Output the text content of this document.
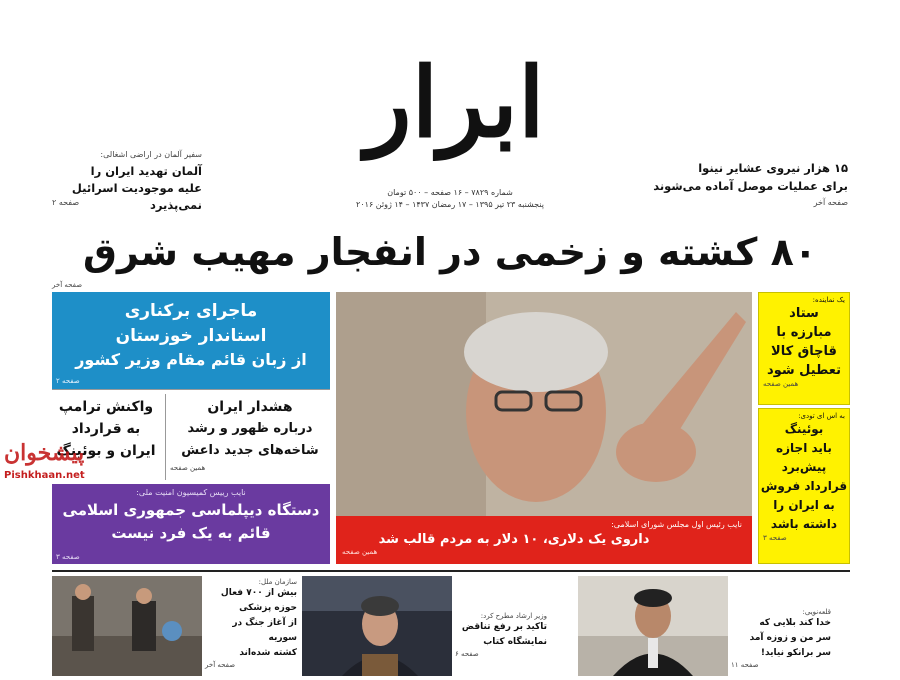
ابرار
شماره ۷۸۲۹ – ۱۶ صفحه – ۵۰۰ تومان
پنجشنبه ۲۳ تیر ۱۳۹۵ – ۱۷ رمضان ۱۴۳۷ – ۱۴ ژوئن ۲۰۱۶
۱۵ هزار نیروی عشایر نینوا
برای عملیات موصل آماده می‌شوند
صفحه آخر
سفیر آلمان در اراضی اشغالی:
آلمان تهدید ایران را
علیه موجودیت اسرائیل نمی‌پذیرد
صفحه ۲
۸۰ کشته و زخمی در انفجار مهیب شرق
صفحه آخر
ماجرای برکناری
استاندار خوزستان
از زبان قائم مقام وزیر کشور
صفحه ۲
واکنش ترامپ
به قرارداد
ایران و بوئینگ
هشدار ایران
درباره ظهور و رشد
شاخه‌های جدید داعش
همین صفحه
پیشخوان
Pishkhaan.net
نایب رییس کمیسیون امنیت ملی:
دستگاه دیپلماسی جمهوری اسلامی
قائم به یک فرد نیست
صفحه ۳
نایب رئیس اول مجلس شورای اسلامی:
داروی یک دلاری، ۱۰ دلار به مردم قالب شد
همین صفحه
یک نماینده:
ستاد
مبارزه با
قاچاق کالا
تعطیل شود
همین صفحه
به اس ای تودی:
بوئینگ
باید اجازه
پیش‌برد
قرارداد فروش
به ایران را
داشته باشد
صفحه ۳
سازمان ملل:
بیش از ۷۰۰ فعال
حوزه پزشکی
از آغاز جنگ در سوریه
کشته شده‌اند
صفحه آخر
وزیر ارشاد مطرح کرد:
تاکید بر رفع تناقض
نمایشگاه کتاب
صفحه ۶
قلعه‌نویی:
خدا کند بلایی که
سر من و زوزه آمد
سر برانکو نیاید!
صفحه ۱۱
